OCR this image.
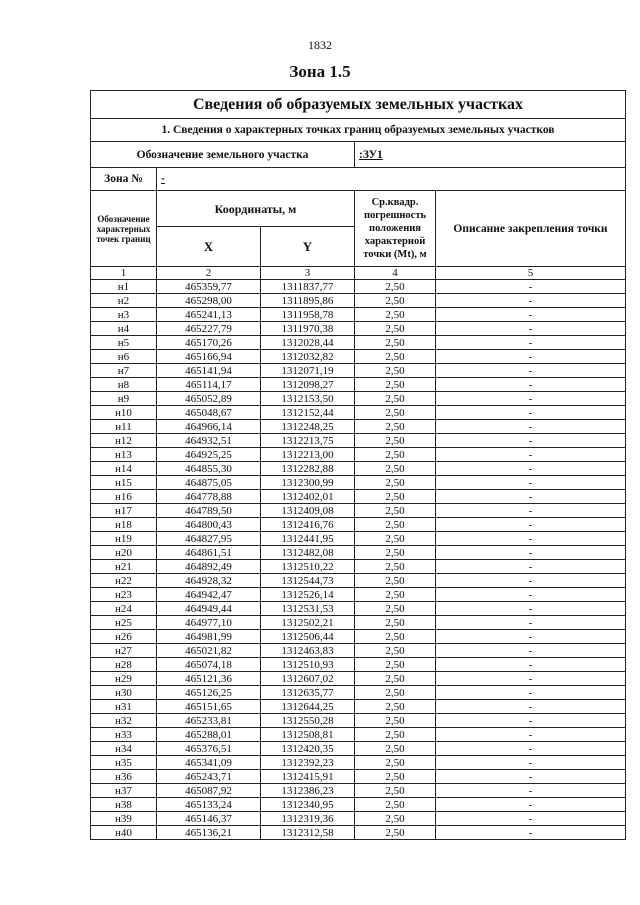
1832
Зона 1.5
Сведения об образуемых земельных участках				
1. Сведения о характерных точках границ образуемых земельных участков				
Обозначение земельного участка			:ЗУ1	
Зона №	-			
Обозначение характерных точек границ	Координаты, м		Ср.квадр. погрешность положения характерной точки (Mt), м	Описание закрепления точки
	X	Y		
1	2	3	4	5
н1	465359,77	1311837,77	2,50	-
н2	465298,00	1311895,86	2,50	-
н3	465241,13	1311958,78	2,50	-
н4	465227,79	1311970,38	2,50	-
н5	465170,26	1312028,44	2,50	-
н6	465166,94	1312032,82	2,50	-
н7	465141,94	1312071,19	2,50	-
н8	465114,17	1312098,27	2,50	-
н9	465052,89	1312153,50	2,50	-
н10	465048,67	1312152,44	2,50	-
н11	464966,14	1312248,25	2,50	-
н12	464932,51	1312213,75	2,50	-
н13	464925,25	1312213,00	2,50	-
н14	464855,30	1312282,88	2,50	-
н15	464875,05	1312300,99	2,50	-
н16	464778,88	1312402,01	2,50	-
н17	464789,50	1312409,08	2,50	-
н18	464800,43	1312416,76	2,50	-
н19	464827,95	1312441,95	2,50	-
н20	464861,51	1312482,08	2,50	-
н21	464892,49	1312510,22	2,50	-
н22	464928,32	1312544,73	2,50	-
н23	464942,47	1312526,14	2,50	-
н24	464949,44	1312531,53	2,50	-
н25	464977,10	1312502,21	2,50	-
н26	464981,99	1312506,44	2,50	-
н27	465021,82	1312463,83	2,50	-
н28	465074,18	1312510,93	2,50	-
н29	465121,36	1312607,02	2,50	-
н30	465126,25	1312635,77	2,50	-
н31	465151,65	1312644,25	2,50	-
н32	465233,81	1312550,28	2,50	-
н33	465288,01	1312508,81	2,50	-
н34	465376,51	1312420,35	2,50	-
н35	465341,09	1312392,23	2,50	-
н36	465243,71	1312415,91	2,50	-
н37	465087,92	1312386,23	2,50	-
н38	465133,24	1312340,95	2,50	-
н39	465146,37	1312319,36	2,50	-
н40	465136,21	1312312,58	2,50	-
